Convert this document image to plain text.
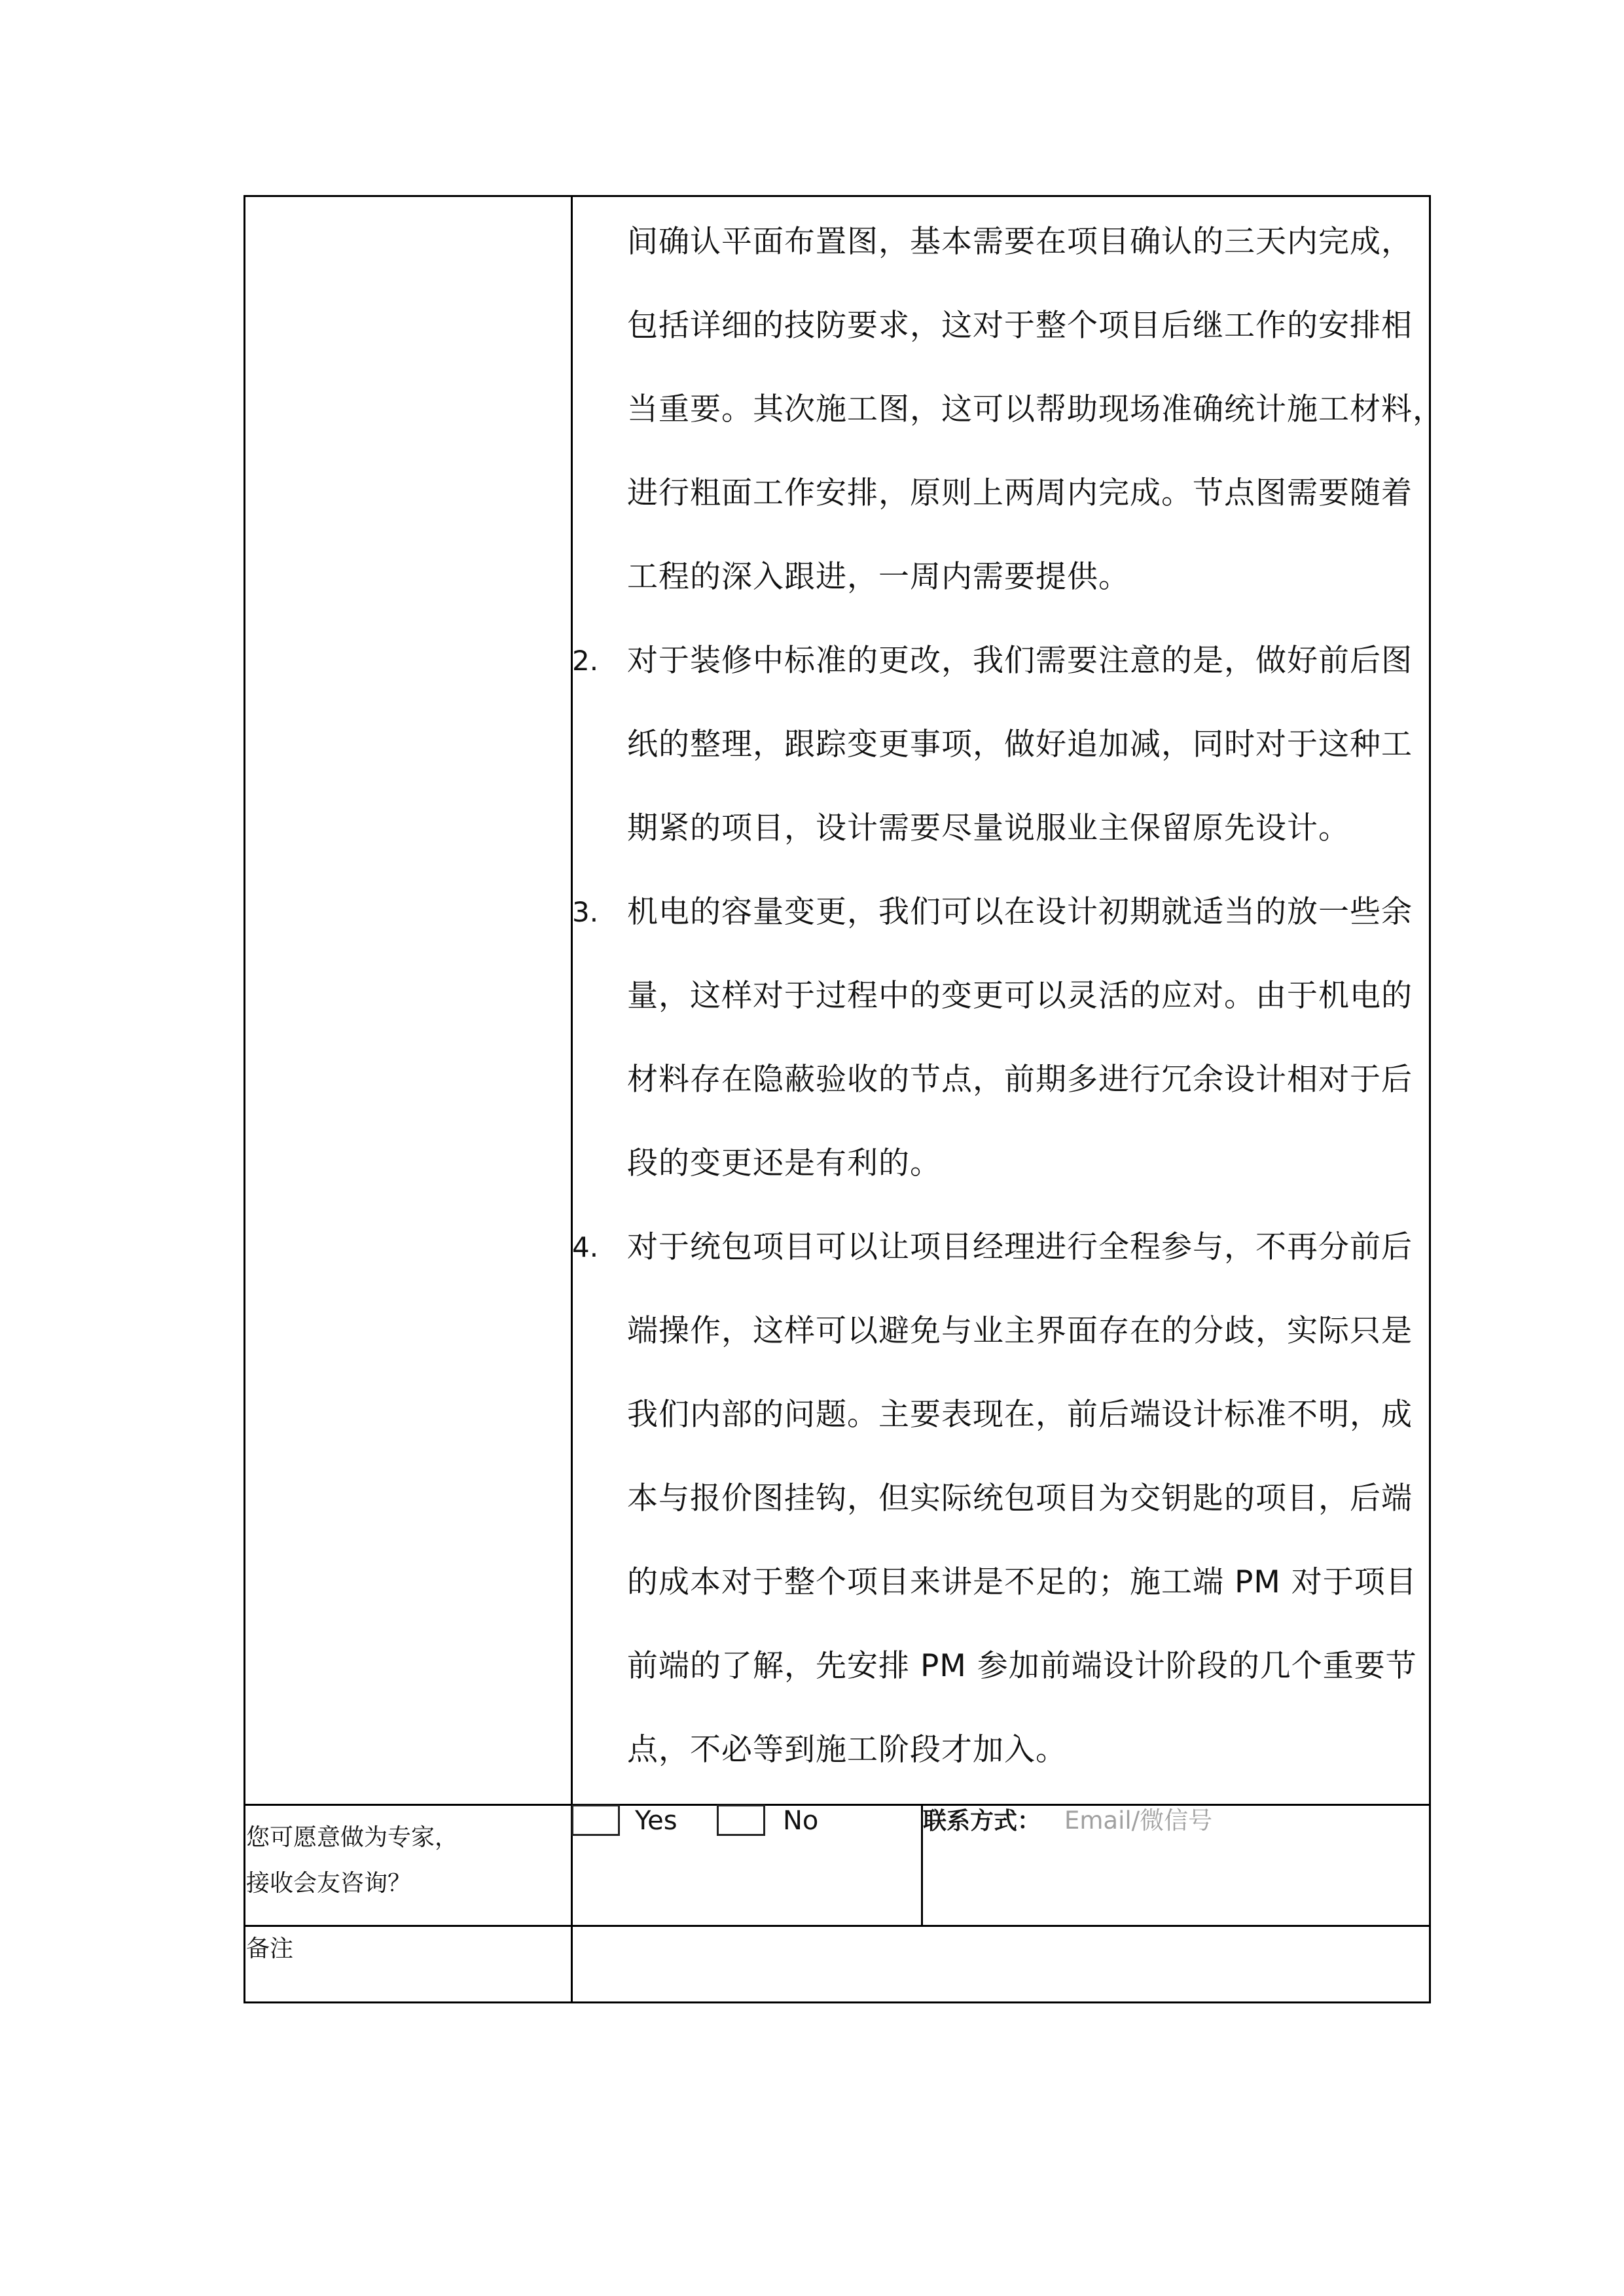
间确认平面布置图，基本需要在项目确认的三天内完成，
包括详细的技防要求，这对于整个项目后继工作的安排相
当重要。其次施工图，这可以帮助现场准确统计施工材料，
进行粗面工作安排，原则上两周内完成。节点图需要随着
工程的深入跟进，一周内需要提供。
2. 对于装修中标准的更改，我们需要注意的是，做好前后图
纸的整理，跟踪变更事项，做好追加减，同时对于这种工
期紧的项目，设计需要尽量说服业主保留原先设计。
3. 机电的容量变更，我们可以在设计初期就适当的放一些余
量，这样对于过程中的变更可以灵活的应对。由于机电的
材料存在隐蔽验收的节点，前期多进行冗余设计相对于后
段的变更还是有利的。
4. 对于统包项目可以让项目经理进行全程参与，不再分前后
端操作，这样可以避免与业主界面存在的分歧，实际只是
我们内部的问题。主要表现在，前后端设计标准不明，成
本与报价图挂钩，但实际统包项目为交钥匙的项目，后端
的成本对于整个项目来讲是不足的；施工端 PM 对于项目
前端的了解，先安排 PM 参加前端设计阶段的几个重要节
点，不必等到施工阶段才加入。
您可愿意做为专家，
接收会友咨询？
Yes	No	联系方式： Email/微信号
备注
